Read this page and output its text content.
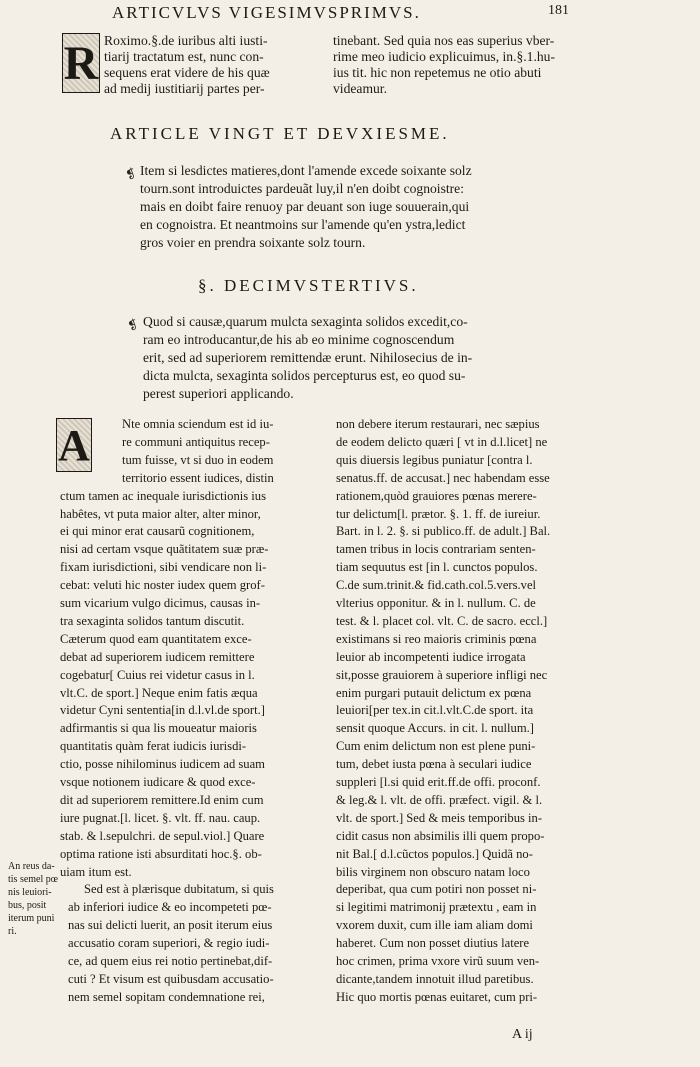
ARTICVLVS VIGESIMVSPRIMVS.	181
R Roximo.§.de iuribus alti iusti-
tiarij tractatum est, nunc con-
sequens erat videre de his quæ
ad medij iustitiarij partes per-
tinebant. Sed quia nos eas superius vber-
rime meo iudicio explicuimus, in.§.1.hu-
ius tit. hic non repetemus ne otio abuti
videamur.
ARTICLE VINGT ET DEVXIESME.
❡ Item si lesdictes matieres,dont l'amende excede soixante solz
tourn.sont introduictes pardeuãt luy,il n'en doibt cognoistre:
mais en doibt faire renuoy par deuant son iuge souuerain,qui
en cognoistra. Et neantmoins sur l'amende qu'en ystra,ledict
gros voier en prendra soixante solz tourn.
§. DECIMVSTERTIVS.
❡ Quod si causæ,quarum mulcta sexaginta solidos excedit,co-
ram eo introducantur,de his ab eo minime cognoscendum
erit, sed ad superiorem remittendæ erunt. Nihilosecius de in-
dicta mulcta, sexaginta solidos percepturus est, eo quod su-
perest superiori applicando.
A
An reus da-
tis semel pœ
nis leuiori-
bus, posit
iterum puni
ri.
A ij
Nte omnia sciendum est id iu-
re communi antiquitus recep-
tum fuisse, vt si duo in eodem
territorio essent iudices, distin
ctum tamen ac inequale iurisdictionis ius
habêtes, vt puta maior alter, alter minor,
ei qui minor erat causarũ cognitionem,
nisi ad certam vsque quãtitatem suæ præ-
fixam iurisdictioni, sibi vendicare non li-
cebat: veluti hic noster iudex quem grof-
sum vicarium vulgo dicimus, causas in-
tra sexaginta solidos tantum discutit.
Cæterum quod eam quantitatem exce-
debat ad superiorem iudicem remittere
cogebatur[ Cuius rei videtur casus in l.
vlt.C. de sport.] Neque enim fatis æqua
videtur Cyni sententia[in d.l.vl.de sport.]
adfirmantis si qua lis moueatur maioris
quantitatis quàm ferat iudicis iurisdi-
ctio, posse nihilominus iudicem ad suam
vsque notionem iudicare & quod exce-
dit ad superiorem remittere.Id enim cum
iure pugnat.[l. licet. §. vlt. ff. nau. caup.
stab. & l.sepulchri. de sepul.viol.] Quare
optima ratione isti absurditati hoc.§. ob-
uiam itum est.
Sed est à plærisque dubitatum, si quis
ab inferiori iudice & eo incompeteti pœ-
nas sui delicti luerit, an posit iterum eius
accusatio coram superiori, & regio iudi-
ce, ad quem eius rei notio pertinebat,dif-
cuti ? Et visum est quibusdam accusatio-
nem semel sopitam condemnatione rei,
non debere iterum restaurari, nec sæpius
de eodem delicto quæri [ vt in d.l.licet] ne
quis diuersis legibus puniatur [contra l.
senatus.ff. de accusat.] nec habendam esse
rationem,quòd grauiores pœnas merere-
tur delictum[l. prætor. §. 1. ff. de iureiur.
Bart. in l. 2. §. si publico.ff. de adult.] Bal.
tamen tribus in locis contrariam senten-
tiam sequutus est [in l. cunctos populos.
C.de sum.trinit.& fid.cath.col.5.vers.vel
vlterius opponitur. & in l. nullum. C. de
test. & l. placet col. vlt. C. de sacro. eccl.]
existimans si reo maioris criminis pœna
leuior ab incompetenti iudice irrogata
sit,posse grauiorem à superiore infligi nec
enim purgari putauit delictum ex pœna
leuiori[per tex.in cit.l.vlt.C.de sport. ita
sensit quoque Accurs. in cit. l. nullum.]
Cum enim delictum non est plene puni-
tum, debet iusta pœna à seculari iudice
suppleri [l.si quid erit.ff.de offi. proconf.
& leg.& l. vlt. de offi. præfect. vigil. & l.
vlt. de sport.] Sed & meis temporibus in-
cidit casus non absimilis illi quem propo-
nit Bal.[ d.l.cũctos populos.] Quidã no-
bilis virginem non obscuro natam loco
deperibat, qua cum potiri non posset ni-
si legitimi matrimonij prætextu , eam in
vxorem duxit, cum ille iam aliam domi
haberet. Cum non posset diutius latere
hoc crimen, prima vxore virũ suum ven-
dicante,tandem innotuit illud paretibus.
Hic quo mortis pœnas euitaret, cum pri-
